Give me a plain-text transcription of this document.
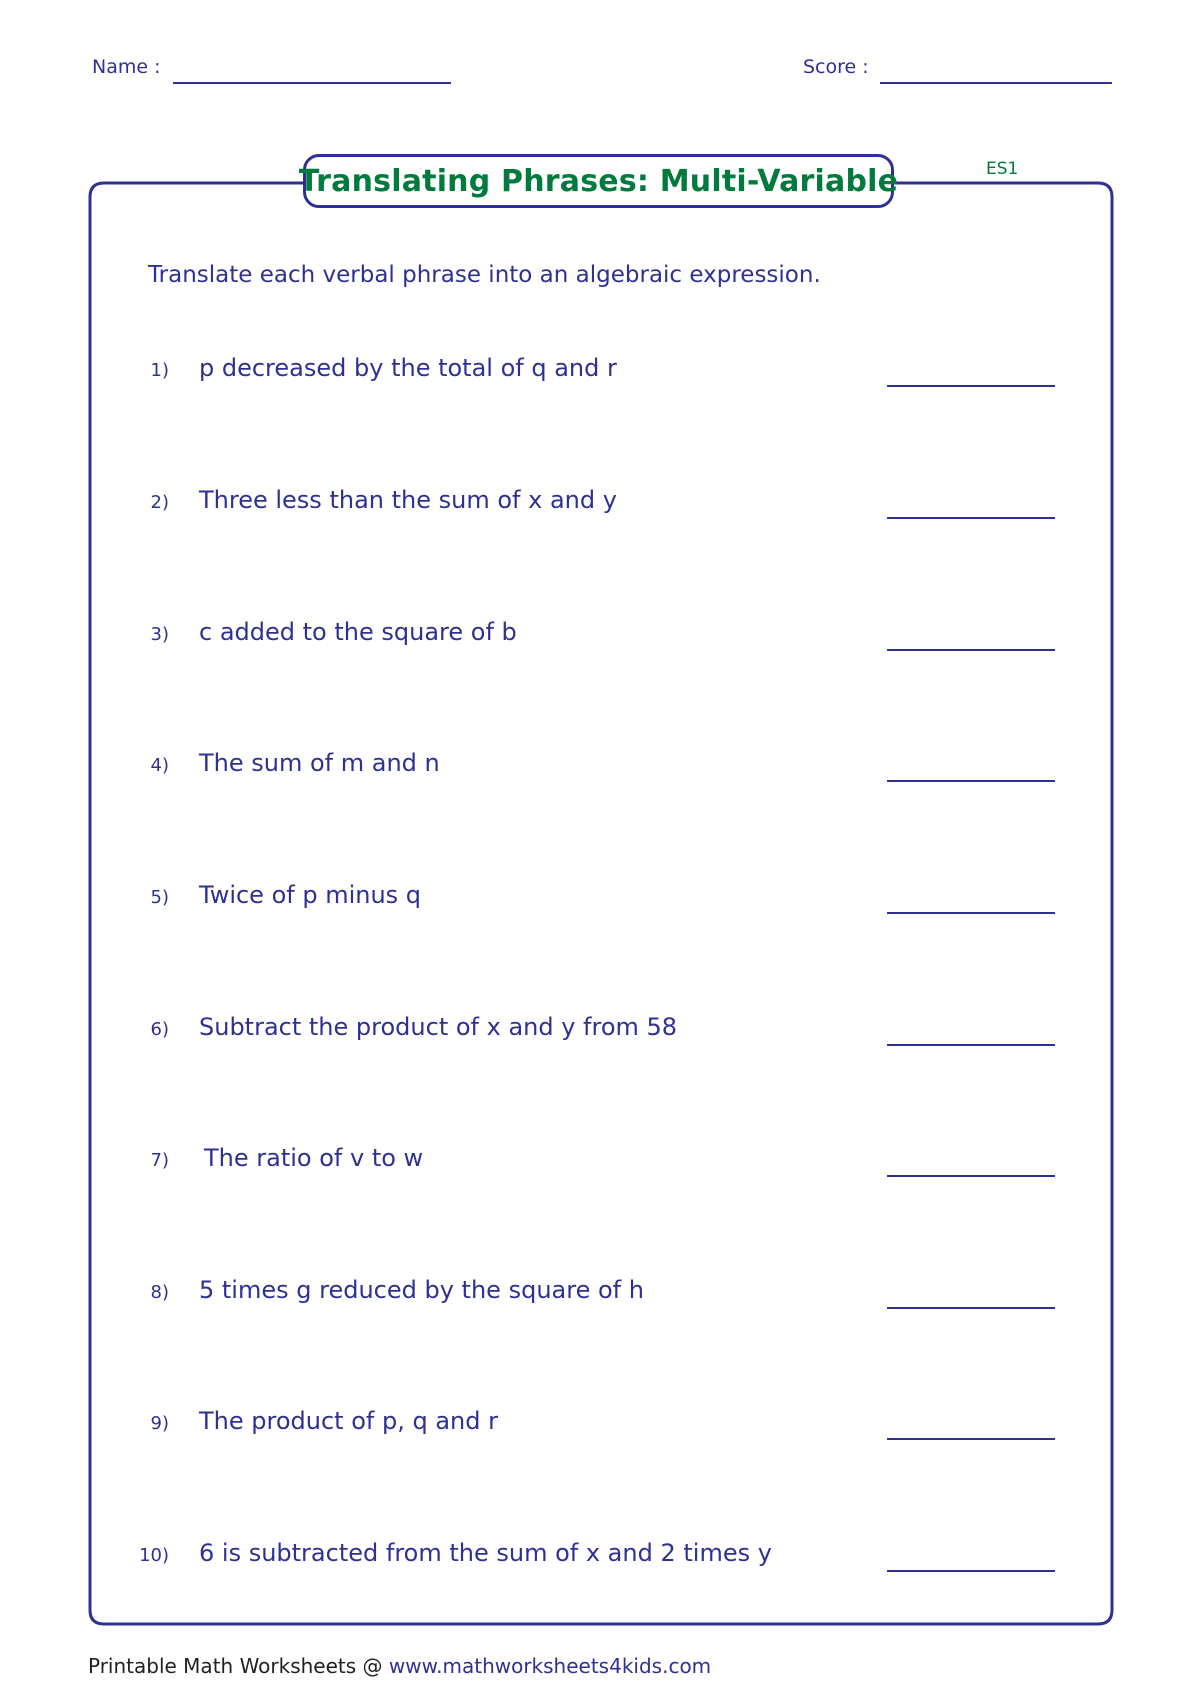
Name :	Score :
Translating Phrases: Multi-Variable	ES1
Translate each verbal phrase into an algebraic expression.
1) p decreased by the total of q and r
2) Three less than the sum of x and y
3) c added to the square of b
4) The sum of m and n
5) Twice of p minus q
6) Subtract the product of x and y from 58
7) The ratio of v to w
8) 5 times g reduced by the square of h
9) The product of p, q and r
10) 6 is subtracted from the sum of x and 2 times y
Printable Math Worksheets @ www.mathworksheets4kids.com
